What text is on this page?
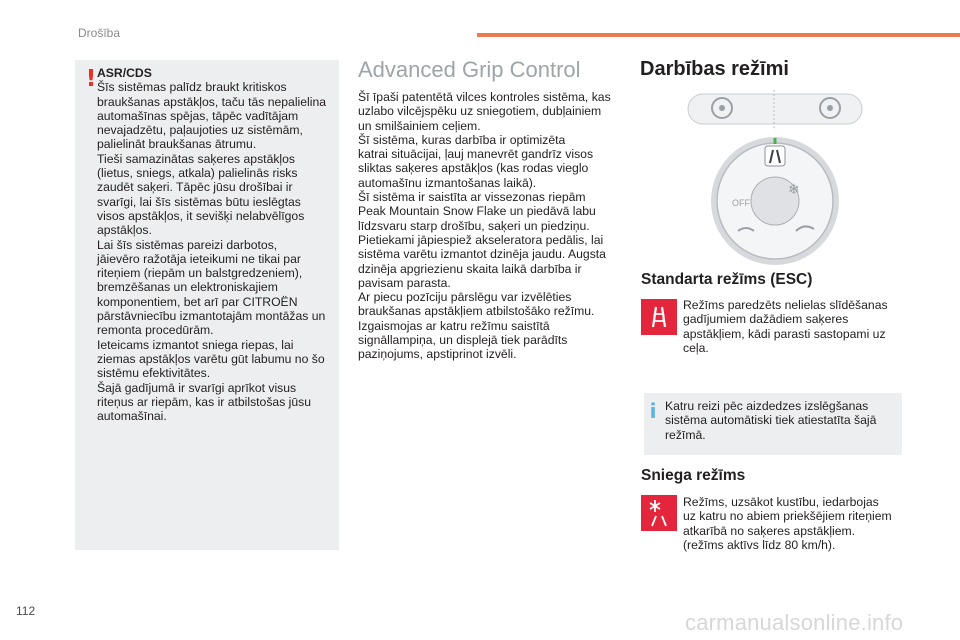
Drošība
! ASR/CDS
Šīs sistēmas palīdz braukt kritiskos
braukšanas apstākļos, taču tās nepalielina
automašīnas spējas, tāpēc vadītājam
nevajadzētu, paļaujoties uz sistēmām,
palielināt braukšanas ātrumu.
Tieši samazinātas saķeres apstākļos
(lietus, sniegs, atkala) palielinās risks
zaudēt saķeri. Tāpēc jūsu drošībai ir
svarīgi, lai šīs sistēmas būtu ieslēgtas
visos apstākļos, it sevišķi nelabvēlīgos
apstākļos.
Lai šīs sistēmas pareizi darbotos,
jāievēro ražotāja ieteikumi ne tikai par
riteņiem (riepām un balstgredzeniem),
bremzēšanas un elektroniskajiem
komponentiem, bet arī par CITROËN
pārstāvniecību izmantotajām montāžas un
remonta procedūrām.
Ieteicams izmantot sniega riepas, lai
ziemas apstākļos varētu gūt labumu no šo
sistēmu efektivitātes.
Šajā gadījumā ir svarīgi aprīkot visus
riteņus ar riepām, kas ir atbilstošas jūsu
automašīnai.
Advanced Grip Control
Šī īpaši patentētā vilces kontroles sistēma, kas
uzlabo vilcējspēku uz sniegotiem, dubļainiem
un smilšainiem ceļiem.
Šī sistēma, kuras darbība ir optimizēta
katrai situācijai, ļauj manevrēt gandrīz visos
sliktas saķeres apstākļos (kas rodas vieglo
automašīnu izmantošanas laikā).
Šī sistēma ir saistīta ar vissezonas riepām
Peak Mountain Snow Flake un piedāvā labu
līdzsvaru starp drošību, saķeri un piedziņu.
Pietiekami jāpiespiež akseleratora pedālis, lai
sistēma varētu izmantot dzinēja jaudu. Augsta
dzinēja apgriezienu skaita laikā darbība ir
pavisam parasta.
Ar piecu pozīciju pārslēgu var izvēlēties
braukšanas apstākļiem atbilstošāko režīmu.
Izgaismojas ar katru režīmu saistītā
signāllampiņa, un displejā tiek parādīts
paziņojums, apstiprinot izvēli.
Darbības režīmi
OFF
❄
Standarta režīms (ESC)
Režīms paredzēts nelielas slīdēšanas
gadījumiem dažādiem saķeres
apstākļiem, kādi parasti sastopami uz
ceļa.
i Katru reizi pēc aizdedzes izslēgšanas
sistēma automātiski tiek atiestatīta šajā
režīmā.
Sniega režīms
Režīms, uzsākot kustību, iedarbojas
uz katru no abiem priekšējiem riteņiem
atkarībā no saķeres apstākļiem.
(režīms aktīvs līdz 80 km/h).
112	carmanualsonline.info
